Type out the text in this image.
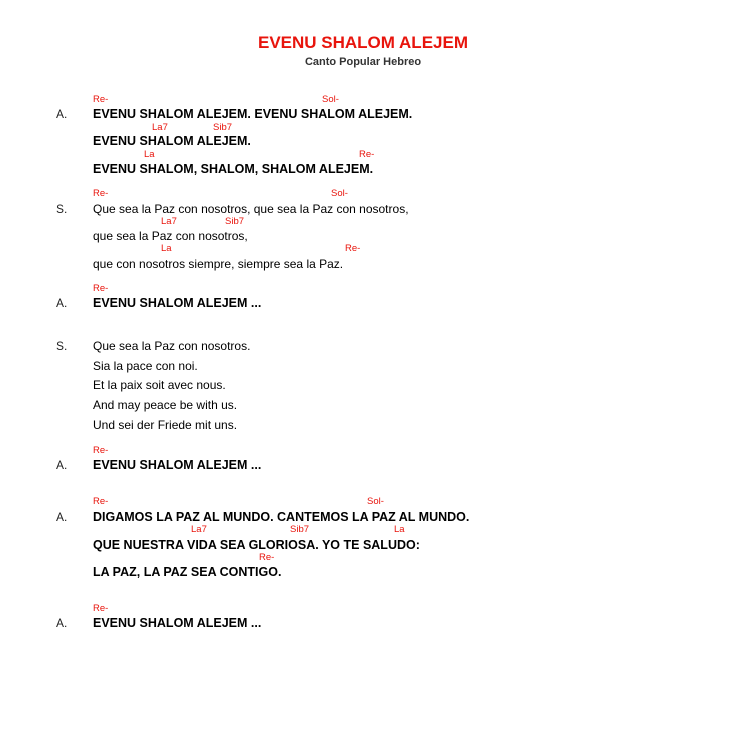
EVENU SHALOM ALEJEM
Canto Popular Hebreo
Re-	Sol-
A. EVENU SHALOM ALEJEM. EVENU SHALOM ALEJEM.
La7	Sib7
EVENU SHALOM ALEJEM.
La	Re-
EVENU SHALOM, SHALOM, SHALOM ALEJEM.
Re-	Sol-
S. Que sea la Paz con nosotros, que sea la Paz con nosotros,
La7	Sib7
que sea la Paz con nosotros,
La	Re-
que con nosotros siempre, siempre sea la Paz.
Re-
A. EVENU SHALOM ALEJEM ...
S. Que sea la Paz con nosotros.
Sia la pace con noi.
Et la paix soit avec nous.
And may peace be with us.
Und sei der Friede mit uns.
Re-
A. EVENU SHALOM ALEJEM ...
Re-	Sol-
A. DIGAMOS LA PAZ AL MUNDO. CANTEMOS LA PAZ AL MUNDO.
La7	Sib7	La
QUE NUESTRA VIDA SEA GLORIOSA. YO TE SALUDO:
Re-
LA PAZ, LA PAZ SEA CONTIGO.
Re-
A. EVENU SHALOM ALEJEM ...
